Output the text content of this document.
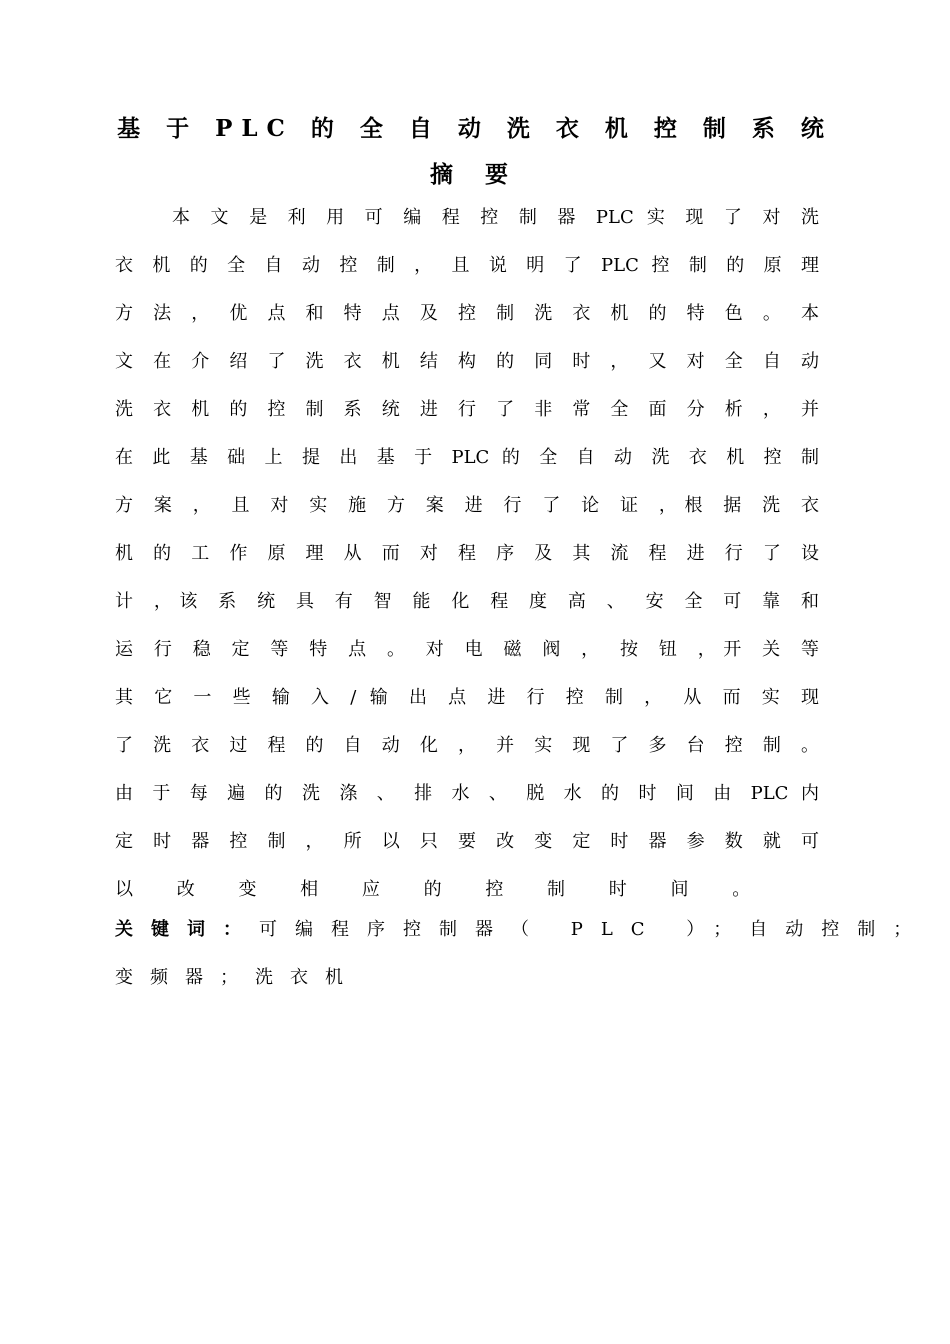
基 于 PLC 的 全 自 动 洗 衣 机 控 制 系 统
摘 要
本 文 是 利 用 可 编 程 控 制 器 PLC 实 现 了 对 洗
衣 机 的 全 自 动 控 制 ， 且 说 明 了 PLC 控 制 的 原 理
方 法 ， 优 点 和 特 点 及 控 制 洗 衣 机 的 特 色 。 本
文 在 介 绍 了 洗 衣 机 结 构 的 同 时 ， 又 对 全 自 动
洗 衣 机 的 控 制 系 统 进 行 了 非 常 全 面 分 析 ， 并
在 此 基 础 上 提 出 基 于 PLC 的 全 自 动 洗 衣 机 控 制
方 案 ， 且 对 实 施 方 案 进 行 了 论 证 ，根 据 洗 衣
机 的 工 作 原 理 从 而 对 程 序 及 其 流 程 进 行 了 设
计 ，该 系 统 具 有 智 能 化 程 度 高 、 安 全 可 靠 和
运 行 稳 定 等 特 点 。 对 电 磁 阀 ， 按 钮 ，开 关 等
其 它 一 些 输 入 / 输 出 点 进 行 控 制 ， 从 而 实 现
了 洗 衣 过 程 的 自 动 化 ， 并 实 现 了 多 台 控 制 。
由 于 每 遍 的 洗 涤 、 排 水 、 脱 水 的 时 间 由 PLC 内
定 时 器 控 制 ， 所 以 只 要 改 变 定 时 器 参 数 就 可
以 改 变 相 应 的 控 制 时 间 。
关键词：可编程序控制器（ PLC ）；自动控制；
变频器；洗衣机
